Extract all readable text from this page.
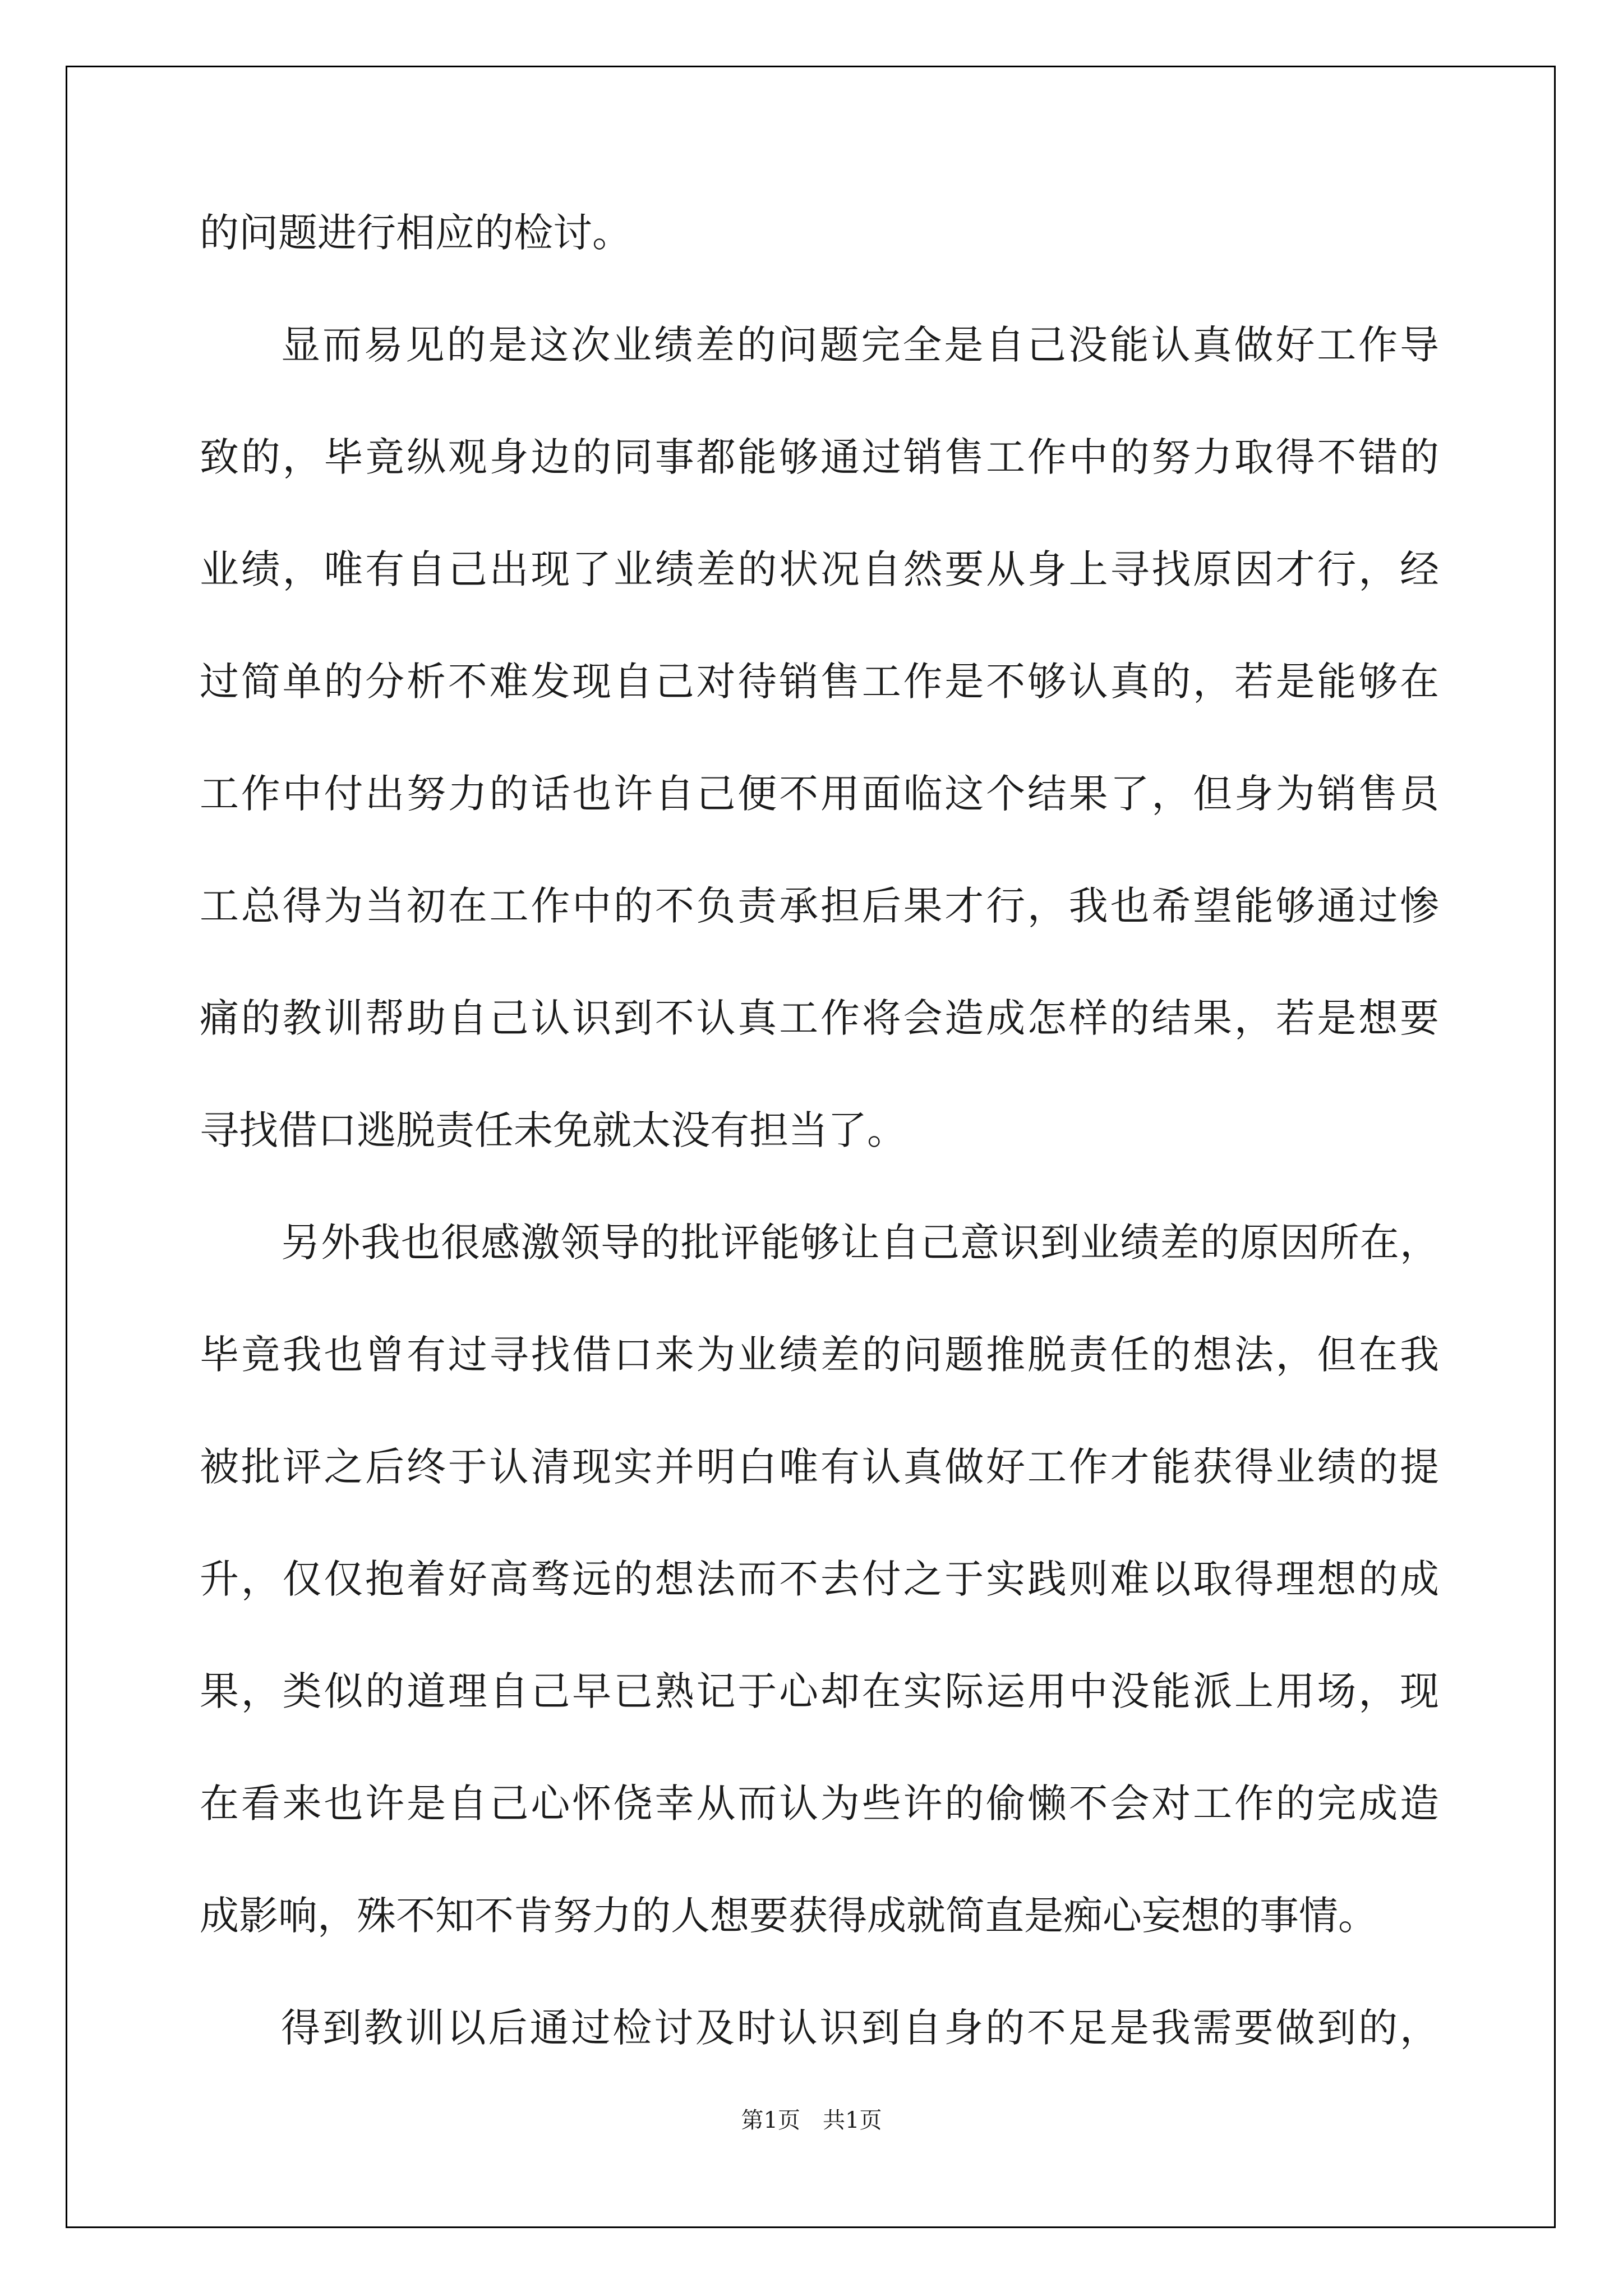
的问题进行相应的检讨。

显而易见的是这次业绩差的问题完全是自己没能认真做好工作导

致的，毕竟纵观身边的同事都能够通过销售工作中的努力取得不错的

业绩，唯有自己出现了业绩差的状况自然要从身上寻找原因才行，经

过简单的分析不难发现自己对待销售工作是不够认真的，若是能够在

工作中付出努力的话也许自己便不用面临这个结果了，但身为销售员

工总得为当初在工作中的不负责承担后果才行，我也希望能够通过惨

痛的教训帮助自己认识到不认真工作将会造成怎样的结果，若是想要

寻找借口逃脱责任未免就太没有担当了。

另外我也很感激领导的批评能够让自己意识到业绩差的原因所在，

毕竟我也曾有过寻找借口来为业绩差的问题推脱责任的想法，但在我

被批评之后终于认清现实并明白唯有认真做好工作才能获得业绩的提

升，仅仅抱着好高骛远的想法而不去付之于实践则难以取得理想的成

果，类似的道理自己早已熟记于心却在实际运用中没能派上用场，现

在看来也许是自己心怀侥幸从而认为些许的偷懒不会对工作的完成造

成影响，殊不知不肯努力的人想要获得成就简直是痴心妄想的事情。

得到教训以后通过检讨及时认识到自身的不足是我需要做到的，

第1页　共1页
